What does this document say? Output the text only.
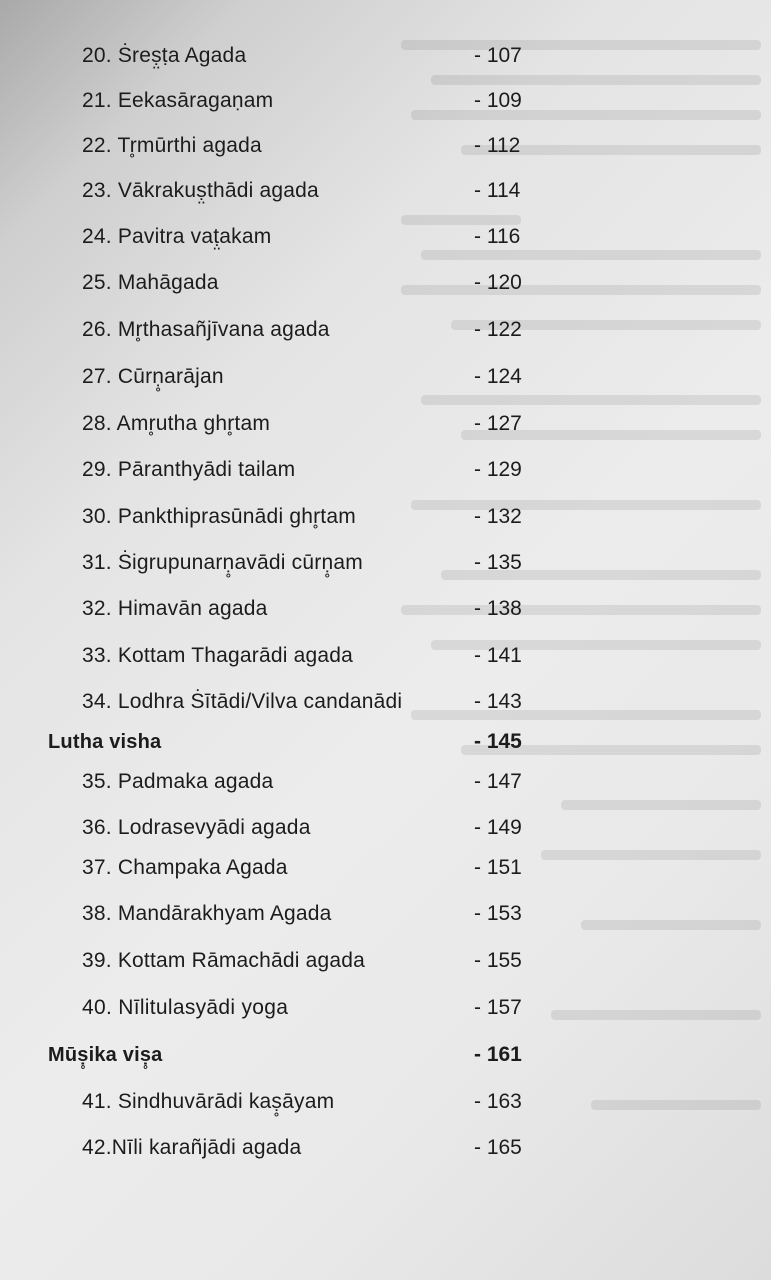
20. Ṡreṣ̤ṭa Agada	- 107
21. Eekasāragaṇam	- 109
22. Tr̥mūrthi agada	- 112
23. Vākrakuṣ̤thādi agada	- 114
24. Pavitra vaṭ̤akam	- 116
25. Mahāgada	- 120
26. Mr̥thasañjīvana agada	- 122
27. Cūrṇ̥arājan	- 124
28. Amr̥utha ghr̥tam	- 127
29. Pāranthyādi tailam	- 129
30. Pankthiprasūnādi ghr̥tam	- 132
31. Ṡigrupunarṇ̥avādi cūrṇ̥am	- 135
32. Himavān agada	- 138
33. Kottam Thagarādi agada	- 141
34. Lodhra Ṡītādi/Vilva candanādi	- 143
Lutha visha	- 145
35. Padmaka agada	- 147
36. Lodrasevyādi agada	- 149
37. Champaka Agada	- 151
38. Mandārakhyam Agada	- 153
39. Kottam Rāmachādi agada	- 155
40. Nīlitulasyādi yoga	- 157
Mūṣ̥ika viṣ̥a	- 161
41. Sindhuvārādi kaṣ̥āyam	- 163
42.Nīli karañjādi agada	- 165
